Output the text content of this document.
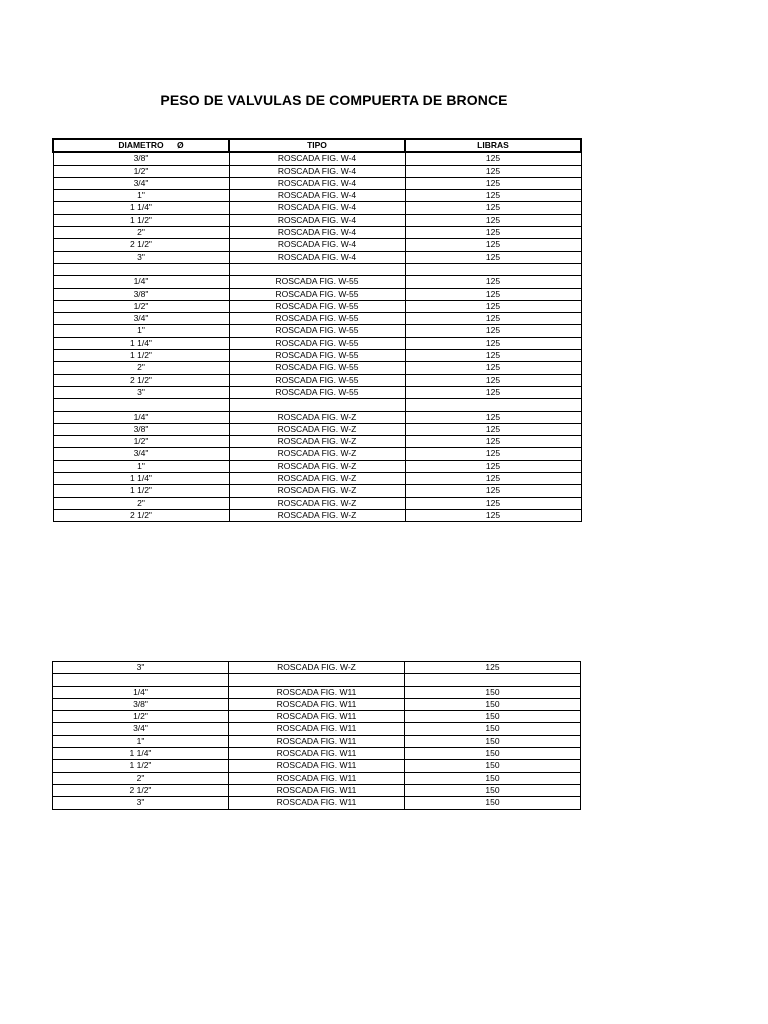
PESO DE VALVULAS DE COMPUERTA DE BRONCE
DIAMETRO Ø	TIPO	LIBRAS
3/8"	ROSCADA FIG. W-4	125
1/2"	ROSCADA FIG. W-4	125
3/4"	ROSCADA FIG. W-4	125
1"	ROSCADA FIG. W-4	125
1 1/4"	ROSCADA FIG. W-4	125
1 1/2"	ROSCADA FIG. W-4	125
2"	ROSCADA FIG. W-4	125
2 1/2"	ROSCADA FIG. W-4	125
3"	ROSCADA FIG. W-4	125

1/4"	ROSCADA FIG. W-55	125
3/8"	ROSCADA FIG. W-55	125
1/2"	ROSCADA FIG. W-55	125
3/4"	ROSCADA FIG. W-55	125
1"	ROSCADA FIG. W-55	125
1 1/4"	ROSCADA FIG. W-55	125
1 1/2"	ROSCADA FIG. W-55	125
2"	ROSCADA FIG. W-55	125
2 1/2"	ROSCADA FIG. W-55	125
3"	ROSCADA FIG. W-55	125

1/4"	ROSCADA FIG. W-Z	125
3/8"	ROSCADA FIG. W-Z	125
1/2"	ROSCADA FIG. W-Z	125
3/4"	ROSCADA FIG. W-Z	125
1"	ROSCADA FIG. W-Z	125
1 1/4"	ROSCADA FIG. W-Z	125
1 1/2"	ROSCADA FIG. W-Z	125
2"	ROSCADA FIG. W-Z	125
2 1/2"	ROSCADA FIG. W-Z	125
3"	ROSCADA FIG. W-Z	125

1/4"	ROSCADA FIG. W11	150
3/8"	ROSCADA FIG. W11	150
1/2"	ROSCADA FIG. W11	150
3/4"	ROSCADA FIG. W11	150
1"	ROSCADA FIG. W11	150
1 1/4"	ROSCADA FIG. W11	150
1 1/2"	ROSCADA FIG. W11	150
2"	ROSCADA FIG. W11	150
2 1/2"	ROSCADA FIG. W11	150
3"	ROSCADA FIG. W11	150
